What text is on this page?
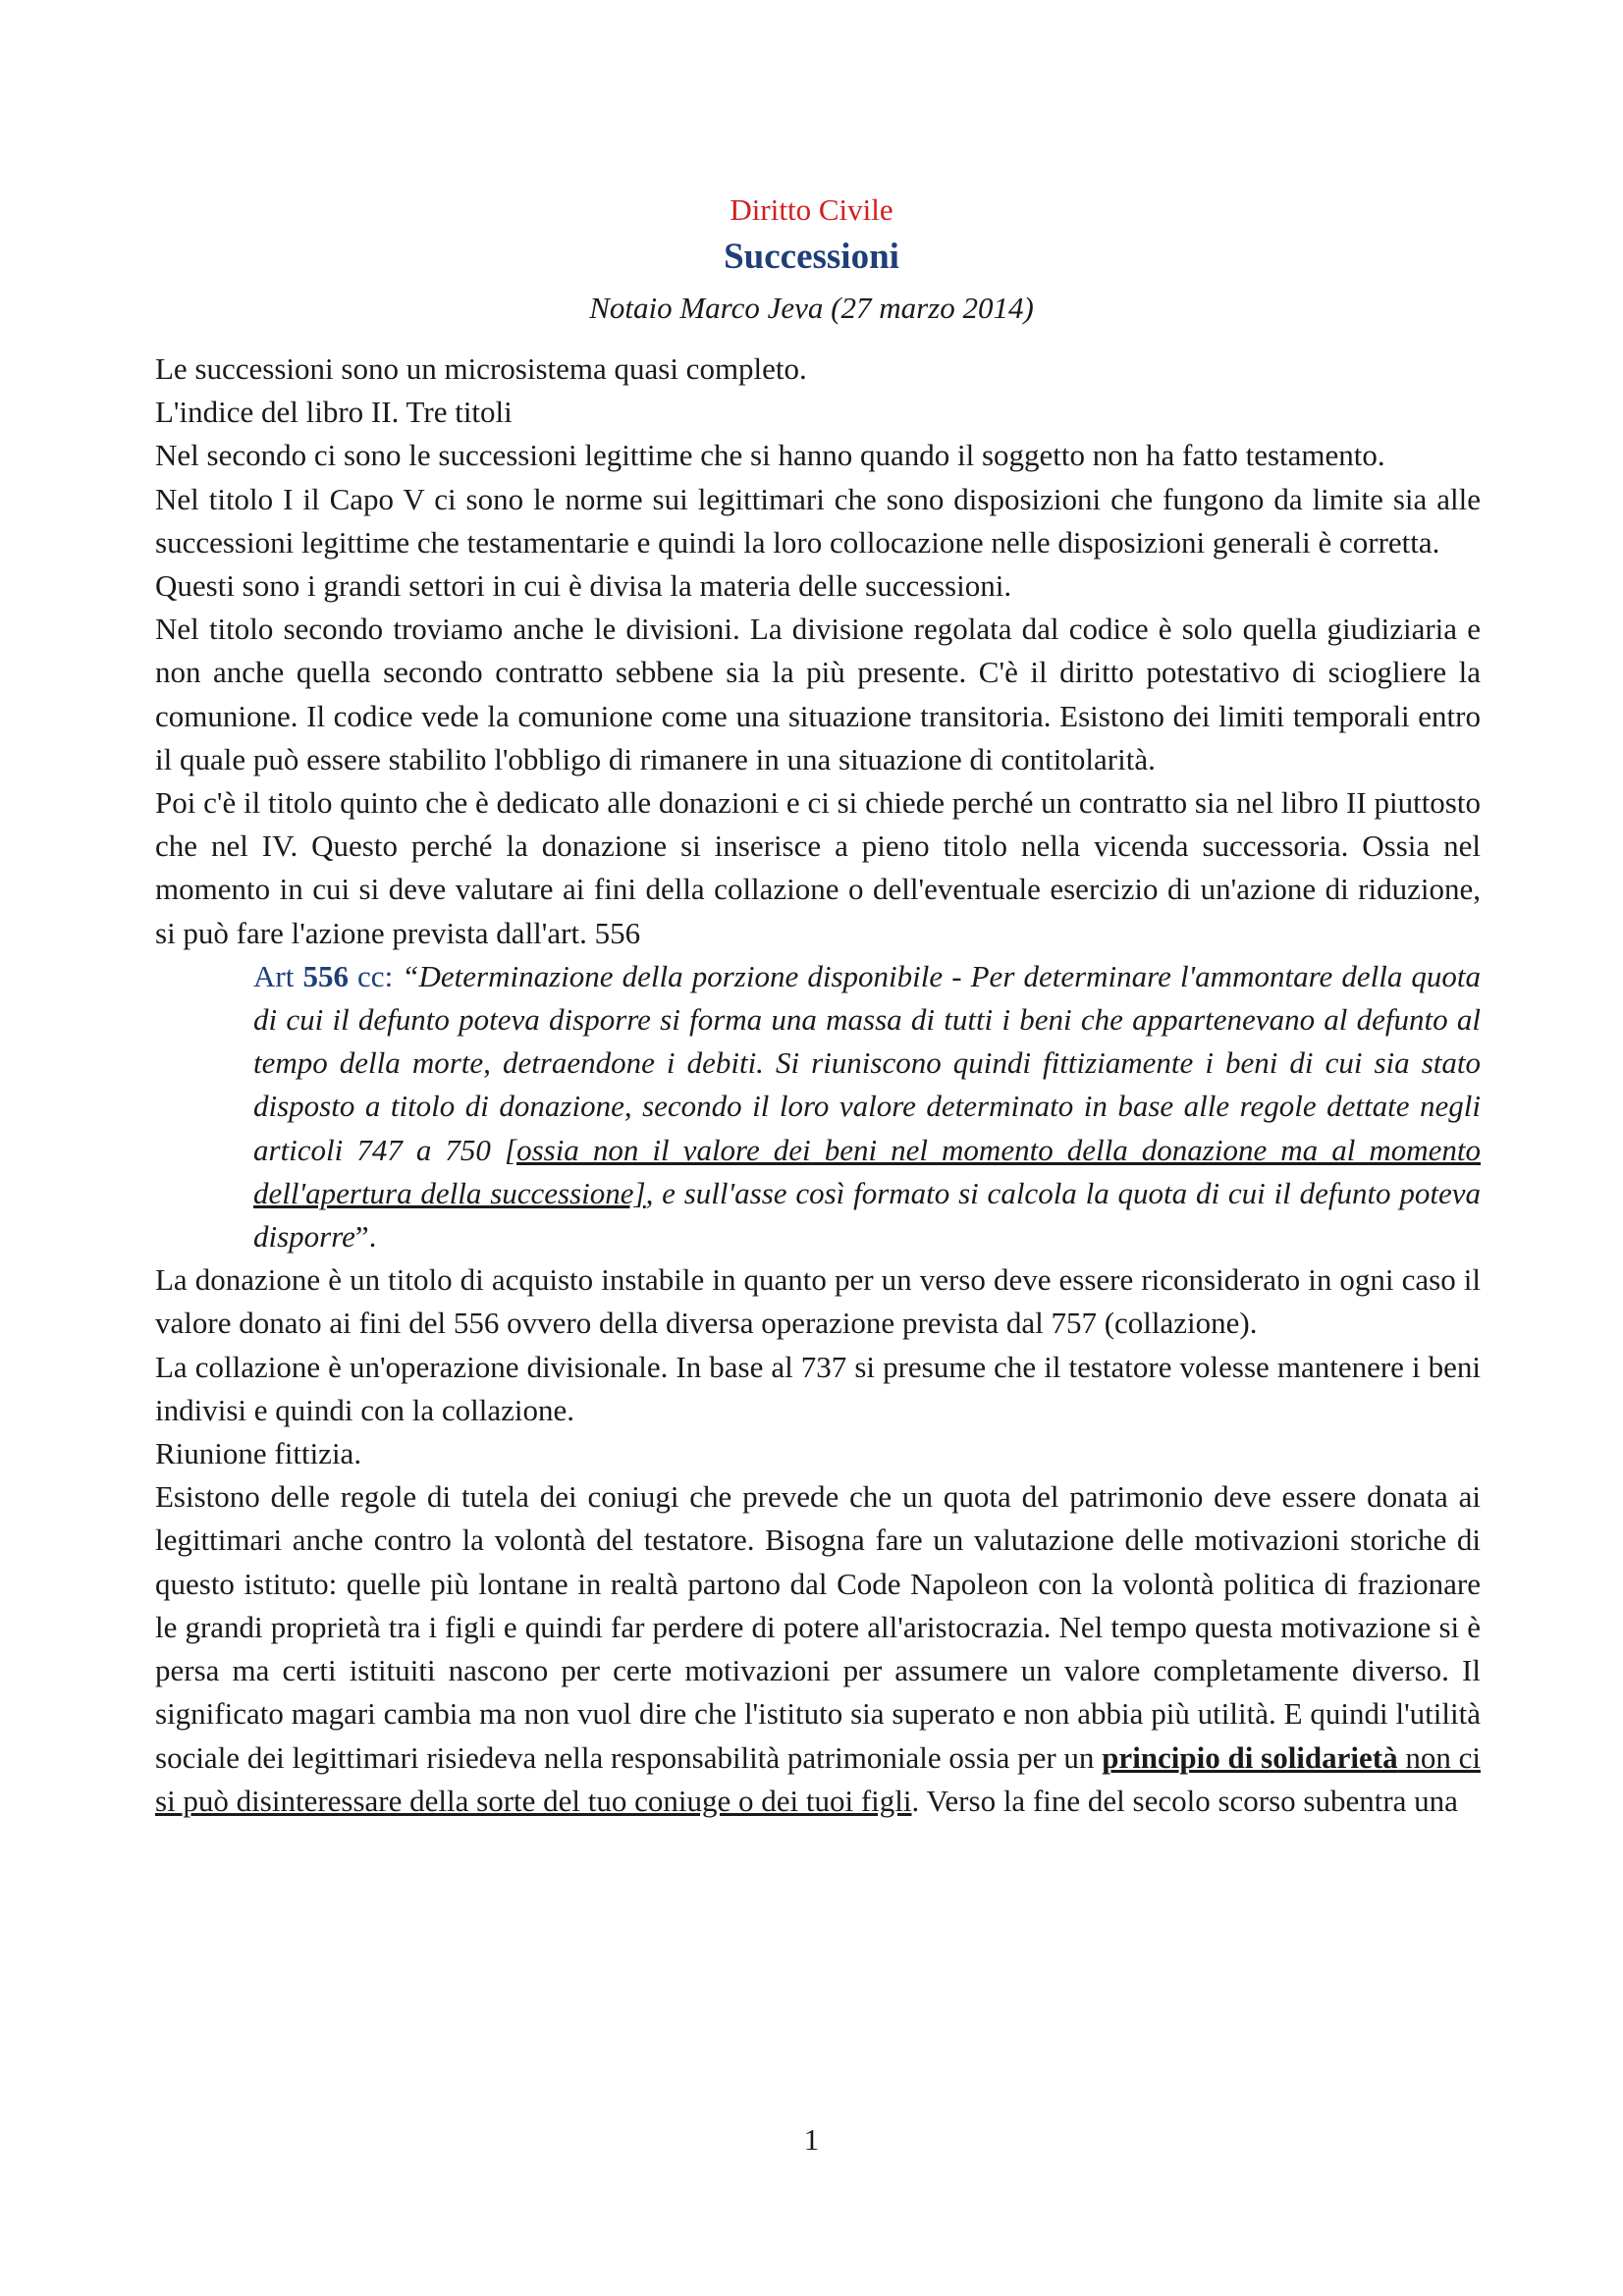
Diritto Civile
Successioni
Notaio Marco Jeva (27 marzo 2014)

Le successioni sono un microsistema quasi completo.

L'indice del libro II. Tre titoli

Nel secondo ci sono le successioni legittime che si hanno quando il soggetto non ha fatto testamento.

Nel titolo I il Capo V ci sono le norme sui legittimari che sono disposizioni che fungono da limite sia alle successioni legittime che testamentarie e quindi la loro collocazione nelle disposizioni generali è corretta.

Questi sono i grandi settori in cui è divisa la materia delle successioni.

Nel titolo secondo troviamo anche le divisioni. La divisione regolata dal codice è solo quella giudiziaria e non anche quella secondo contratto sebbene sia la più presente. C'è il diritto potestativo di sciogliere la comunione. Il codice vede la comunione come una situazione transitoria. Esistono dei limiti temporali entro il quale può essere stabilito l'obbligo di rimanere in una situazione di contitolarità.

Poi c'è il titolo quinto che è dedicato alle donazioni e ci si chiede perché un contratto sia nel libro II piuttosto che nel IV. Questo perché la donazione si inserisce a pieno titolo nella vicenda successoria. Ossia nel momento in cui si deve valutare ai fini della collazione o dell'eventuale esercizio di un'azione di riduzione, si può fare l'azione prevista dall'art. 556

Art 556 cc: “Determinazione della porzione disponibile - Per determinare l'ammontare della quota di cui il defunto poteva disporre si forma una massa di tutti i beni che appartenevano al defunto al tempo della morte, detraendone i debiti. Si riuniscono quindi fittiziamente i beni di cui sia stato disposto a titolo di donazione, secondo il loro valore determinato in base alle regole dettate negli articoli 747 a 750 [ossia non il valore dei beni nel momento della donazione ma al momento dell'apertura della successione], e sull'asse così formato si calcola la quota di cui il defunto poteva disporre”.

La donazione è un titolo di acquisto instabile in quanto per un verso deve essere riconsiderato in ogni caso il valore donato ai fini del 556 ovvero della diversa operazione prevista dal 757 (collazione).

La collazione è un'operazione divisionale. In base al 737 si presume che il testatore volesse mantenere i beni indivisi e quindi con la collazione.

Riunione fittizia.

Esistono delle regole di tutela dei coniugi che prevede che un quota del patrimonio deve essere donata ai legittimari anche contro la volontà del testatore. Bisogna fare un valutazione delle motivazioni storiche di questo istituto: quelle più lontane in realtà partono dal Code Napoleon con la volontà politica di frazionare le grandi proprietà tra i figli e quindi far perdere di potere all'aristocrazia. Nel tempo questa motivazione si è persa ma certi istituiti nascono per certe motivazioni per assumere un valore completamente diverso. Il significato magari cambia ma non vuol dire che l'istituto sia superato e non abbia più utilità. E quindi l'utilità sociale dei legittimari risiedeva nella responsabilità patrimoniale ossia per un principio di solidarietà non ci si può disinteressare della sorte del tuo coniuge o dei tuoi figli. Verso la fine del secolo scorso subentra una

1
